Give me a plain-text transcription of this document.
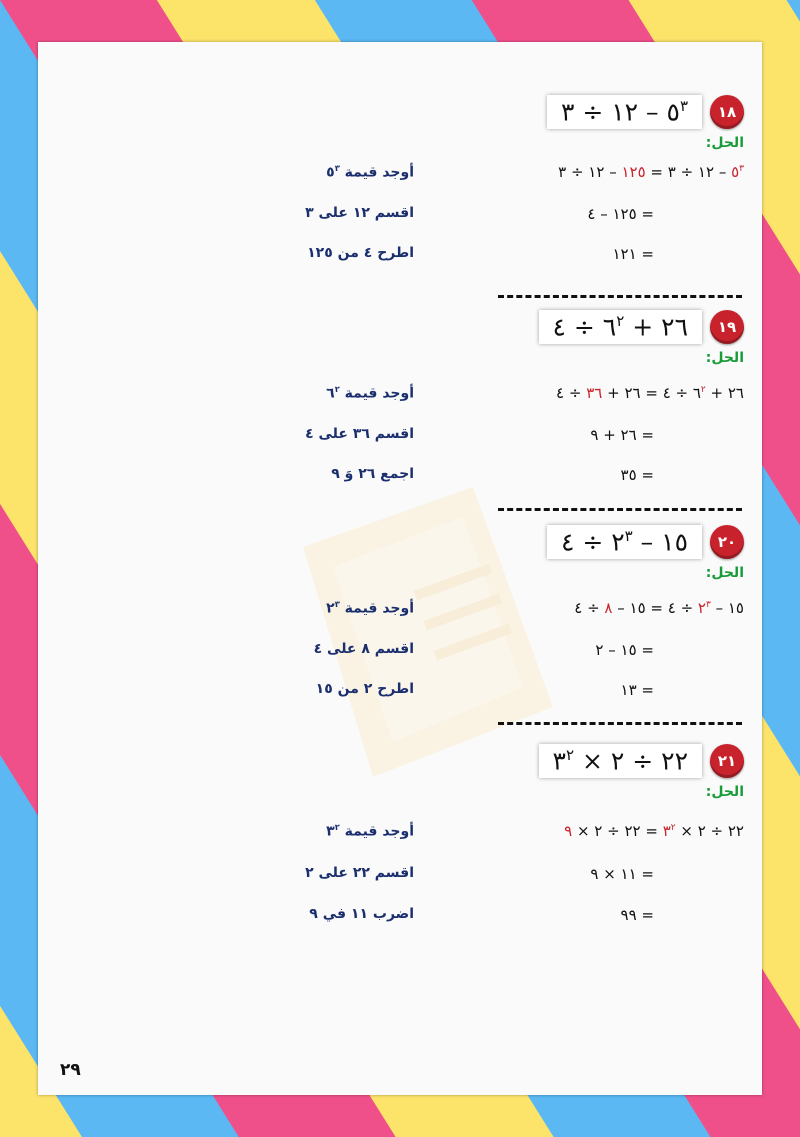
١٨
$٥^٣$ – ١٢ ÷ ٣
الحل:
$٥^٣$ – ١٢ ÷ ٣ = ١٢٥ – ١٢ ÷ ٣
أوجد قيمة $٥^٣$
= ١٢٥ – ٤
اقسم ١٢ على ٣
= ١٢١
اطرح ٤ من ١٢٥
١٩
٢٦ + $٦^٢$ ÷ ٤
الحل:
٢٦ + $٦^٢$ ÷ ٤ = ٢٦ + ٣٦ ÷ ٤
أوجد قيمة $٦^٢$
= ٢٦ + ٩
اقسم ٣٦ على ٤
= ٣٥
اجمع ٢٦ وَ ٩
٢٠
١٥ – $٢^٣$ ÷ ٤
الحل:
١٥ – $٢^٣$ ÷ ٤ = ١٥ – ٨ ÷ ٤
أوجد قيمة $٢^٣$
= ١٥ – ٢
اقسم ٨ على ٤
= ١٣
اطرح ٢ من ١٥
٢١
٢٢ ÷ ٢ × $٣^٢$
الحل:
٢٢ ÷ ٢ × $٣^٢$ = ٢٢ ÷ ٢ × ٩
أوجد قيمة $٣^٢$
= ١١ × ٩
اقسم ٢٢ على ٢
= ٩٩
اضرب ١١ في ٩
٢٩
